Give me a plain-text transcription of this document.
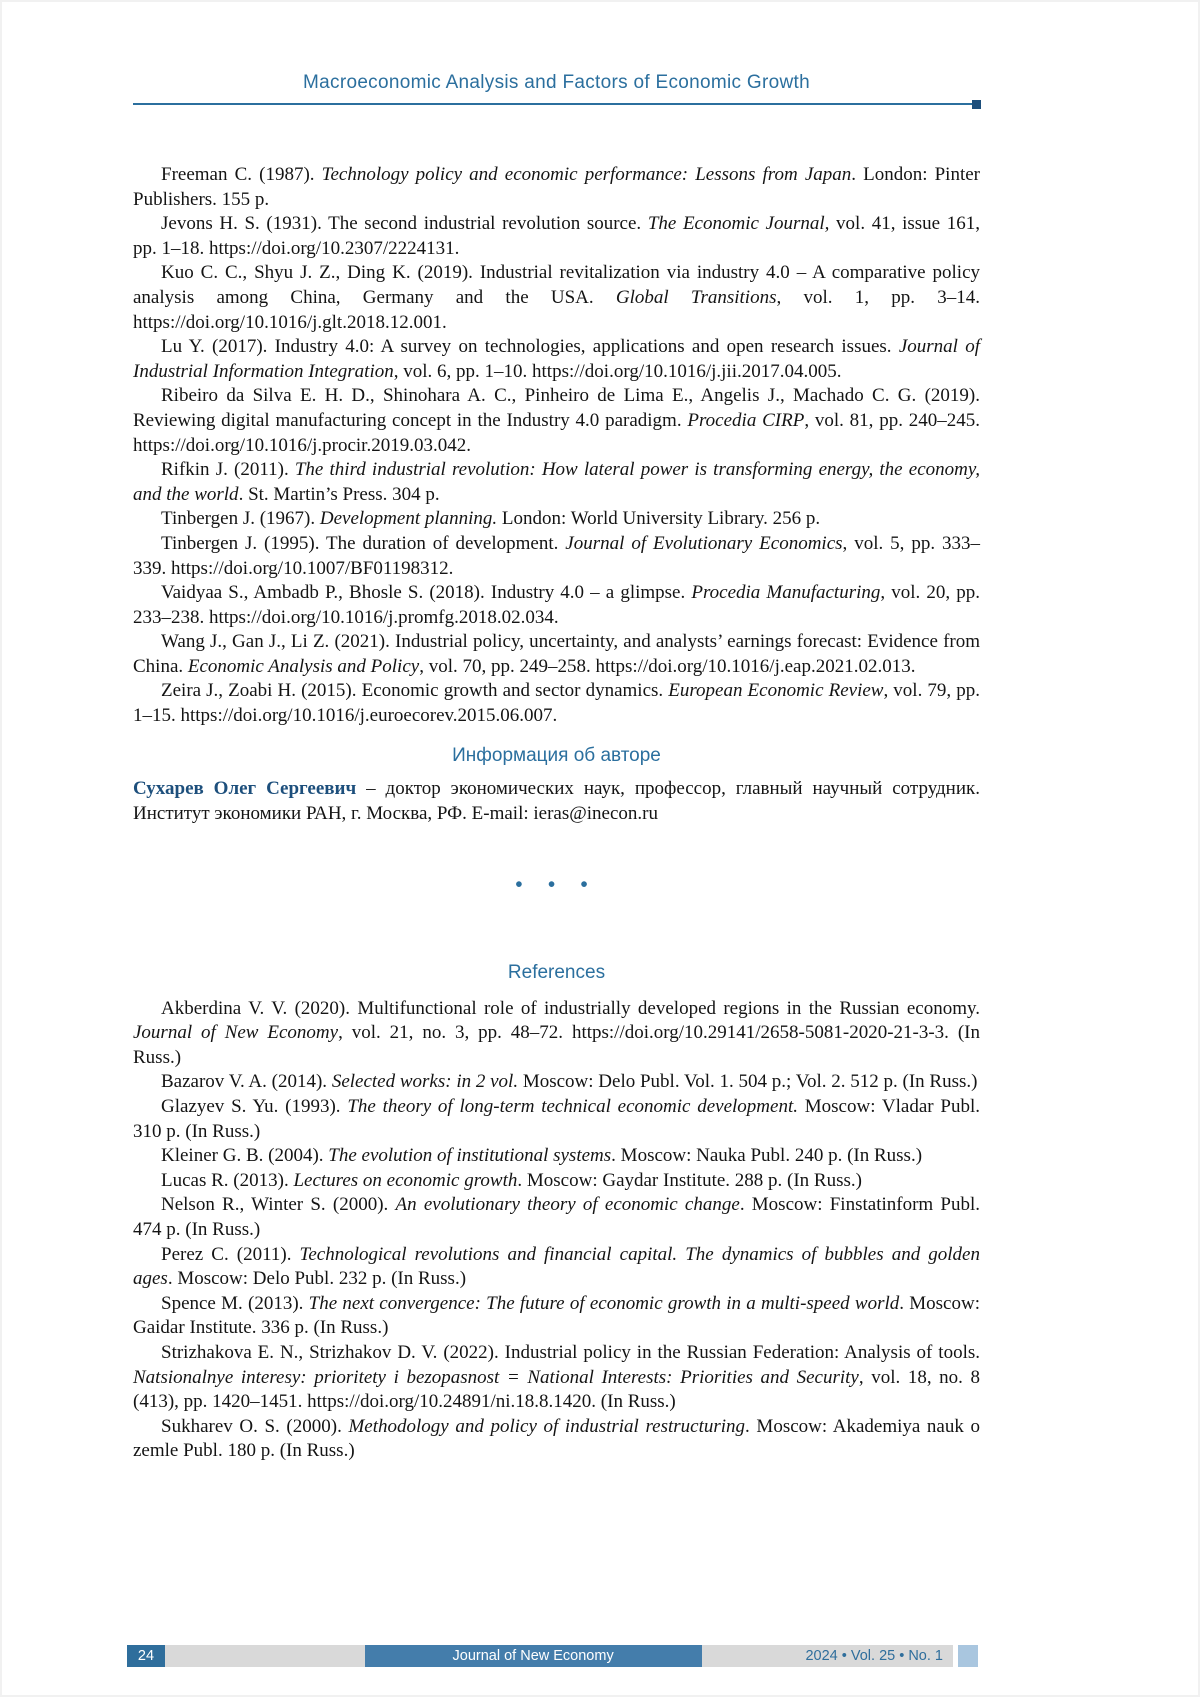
Macroeconomic Analysis and Factors of Economic Growth

Freeman C. (1987). Technology policy and economic performance: Lessons from Japan. London: Pinter Publishers. 155 p.

Jevons H. S. (1931). The second industrial revolution source. The Economic Journal, vol. 41, issue 161, pp. 1–18. https://doi.org/10.2307/2224131.

Kuo C. C., Shyu J. Z., Ding K. (2019). Industrial revitalization via industry 4.0 – A comparative policy analysis among China, Germany and the USA. Global Transitions, vol. 1, pp. 3–14. https://doi.org/10.1016/j.glt.2018.12.001.

Lu Y. (2017). Industry 4.0: A survey on technologies, applications and open research issues. Journal of Industrial Information Integration, vol. 6, pp. 1–10. https://doi.org/10.1016/j.jii.2017.04.005.

Ribeiro da Silva E. H. D., Shinohara A. C., Pinheiro de Lima E., Angelis J., Machado C. G. (2019). Reviewing digital manufacturing concept in the Industry 4.0 paradigm. Procedia CIRP, vol. 81, pp. 240–245. https://doi.org/10.1016/j.procir.2019.03.042.

Rifkin J. (2011). The third industrial revolution: How lateral power is transforming energy, the economy, and the world. St. Martin’s Press. 304 p.

Tinbergen J. (1967). Development planning. London: World University Library. 256 p.

Tinbergen J. (1995). The duration of development. Journal of Evolutionary Economics, vol. 5, pp. 333–339. https://doi.org/10.1007/BF01198312.

Vaidyaa S., Ambadb P., Bhosle S. (2018). Industry 4.0 – a glimpse. Procedia Manufacturing, vol. 20, pp. 233–238. https://doi.org/10.1016/j.promfg.2018.02.034.

Wang J., Gan J., Li Z. (2021). Industrial policy, uncertainty, and analysts’ earnings forecast: Evidence from China. Economic Analysis and Policy, vol. 70, pp. 249–258. https://doi.org/10.1016/j.eap.2021.02.013.

Zeira J., Zoabi H. (2015). Economic growth and sector dynamics. European Economic Review, vol. 79, pp. 1–15. https://doi.org/10.1016/j.euroecorev.2015.06.007.

Информация об авторе

Сухарев Олег Сергеевич – доктор экономических наук, профессор, главный научный сотрудник. Институт экономики РАН, г. Москва, РФ. E-mail: ieras@inecon.ru

• • •
References

Akberdina V. V. (2020). Multifunctional role of industrially developed regions in the Russian economy. Journal of New Economy, vol. 21, no. 3, pp. 48–72. https://doi.org/10.29141/2658-5081-2020-21-3-3. (In Russ.)

Bazarov V. A. (2014). Selected works: in 2 vol. Moscow: Delo Publ. Vol. 1. 504 p.; Vol. 2. 512 p. (In Russ.)

Glazyev S. Yu. (1993). The theory of long-term technical economic development. Moscow: Vladar Publ. 310 p. (In Russ.)

Kleiner G. B. (2004). The evolution of institutional systems. Moscow: Nauka Publ. 240 p. (In Russ.)

Lucas R. (2013). Lectures on economic growth. Moscow: Gaydar Institute. 288 p. (In Russ.)

Nelson R., Winter S. (2000). An evolutionary theory of economic change. Moscow: Finstatinform Publ. 474 p. (In Russ.)

Perez C. (2011). Technological revolutions and financial capital. The dynamics of bubbles and golden ages. Moscow: Delo Publ. 232 p. (In Russ.)

Spence M. (2013). The next convergence: The future of economic growth in a multi-speed world. Moscow: Gaidar Institute. 336 p. (In Russ.)

Strizhakova E. N., Strizhakov D. V. (2022). Industrial policy in the Russian Federation: Analysis of tools. Natsionalnye interesy: prioritety i bezopasnost = National Interests: Priorities and Security, vol. 18, no. 8 (413), pp. 1420–1451. https://doi.org/10.24891/ni.18.8.1420. (In Russ.)

Sukharev O. S. (2000). Methodology and policy of industrial restructuring. Moscow: Akademiya nauk o zemle Publ. 180 p. (In Russ.)

24	Journal of New Economy	2024 • Vol. 25 • No. 1
